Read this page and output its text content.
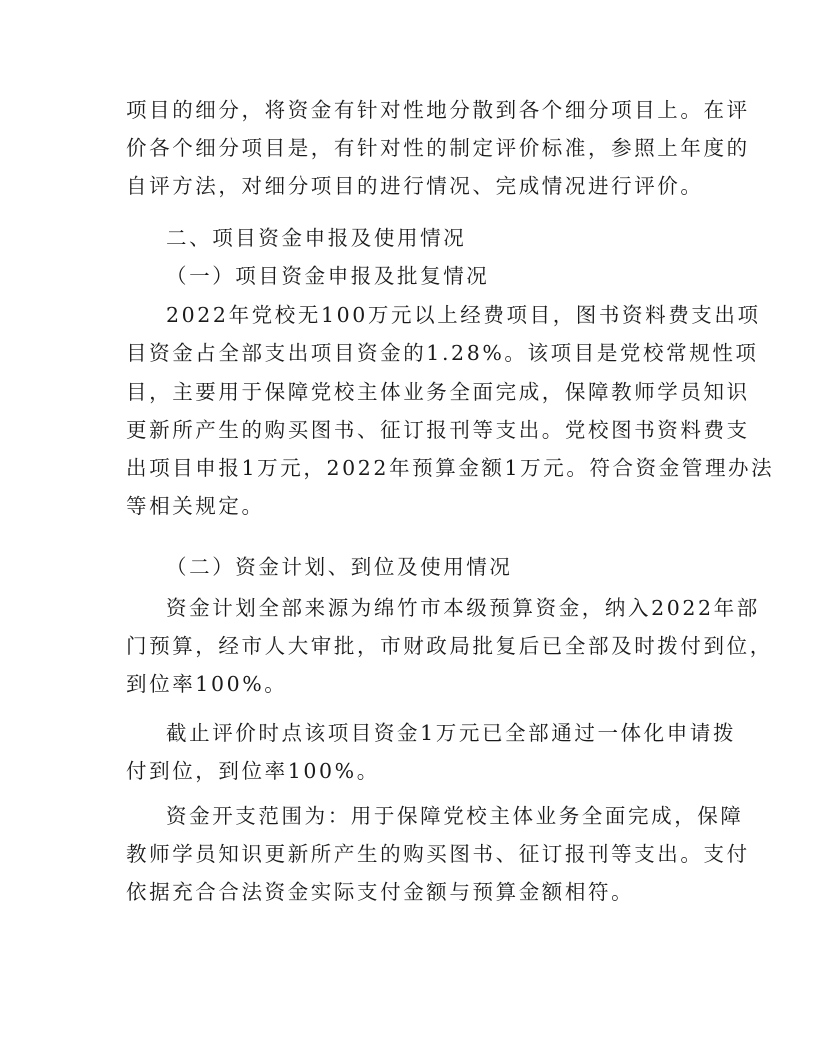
项目的细分，将资金有针对性地分散到各个细分项目上。在评
价各个细分项目是，有针对性的制定评价标准，参照上年度的
自评方法，对细分项目的进行情况、完成情况进行评价。
二、项目资金申报及使用情况
（一）项目资金申报及批复情况
2022年党校无100万元以上经费项目，图书资料费支出项
目资金占全部支出项目资金的1.28%。该项目是党校常规性项
目，主要用于保障党校主体业务全面完成，保障教师学员知识
更新所产生的购买图书、征订报刊等支出。党校图书资料费支
出项目申报1万元，2022年预算金额1万元。符合资金管理办法
等相关规定。
（二）资金计划、到位及使用情况
资金计划全部来源为绵竹市本级预算资金，纳入2022年部
门预算，经市人大审批，市财政局批复后已全部及时拨付到位，
到位率100%。
截止评价时点该项目资金1万元已全部通过一体化申请拨
付到位，到位率100%。
资金开支范围为：用于保障党校主体业务全面完成，保障
教师学员知识更新所产生的购买图书、征订报刊等支出。支付
依据充合合法资金实际支付金额与预算金额相符。
